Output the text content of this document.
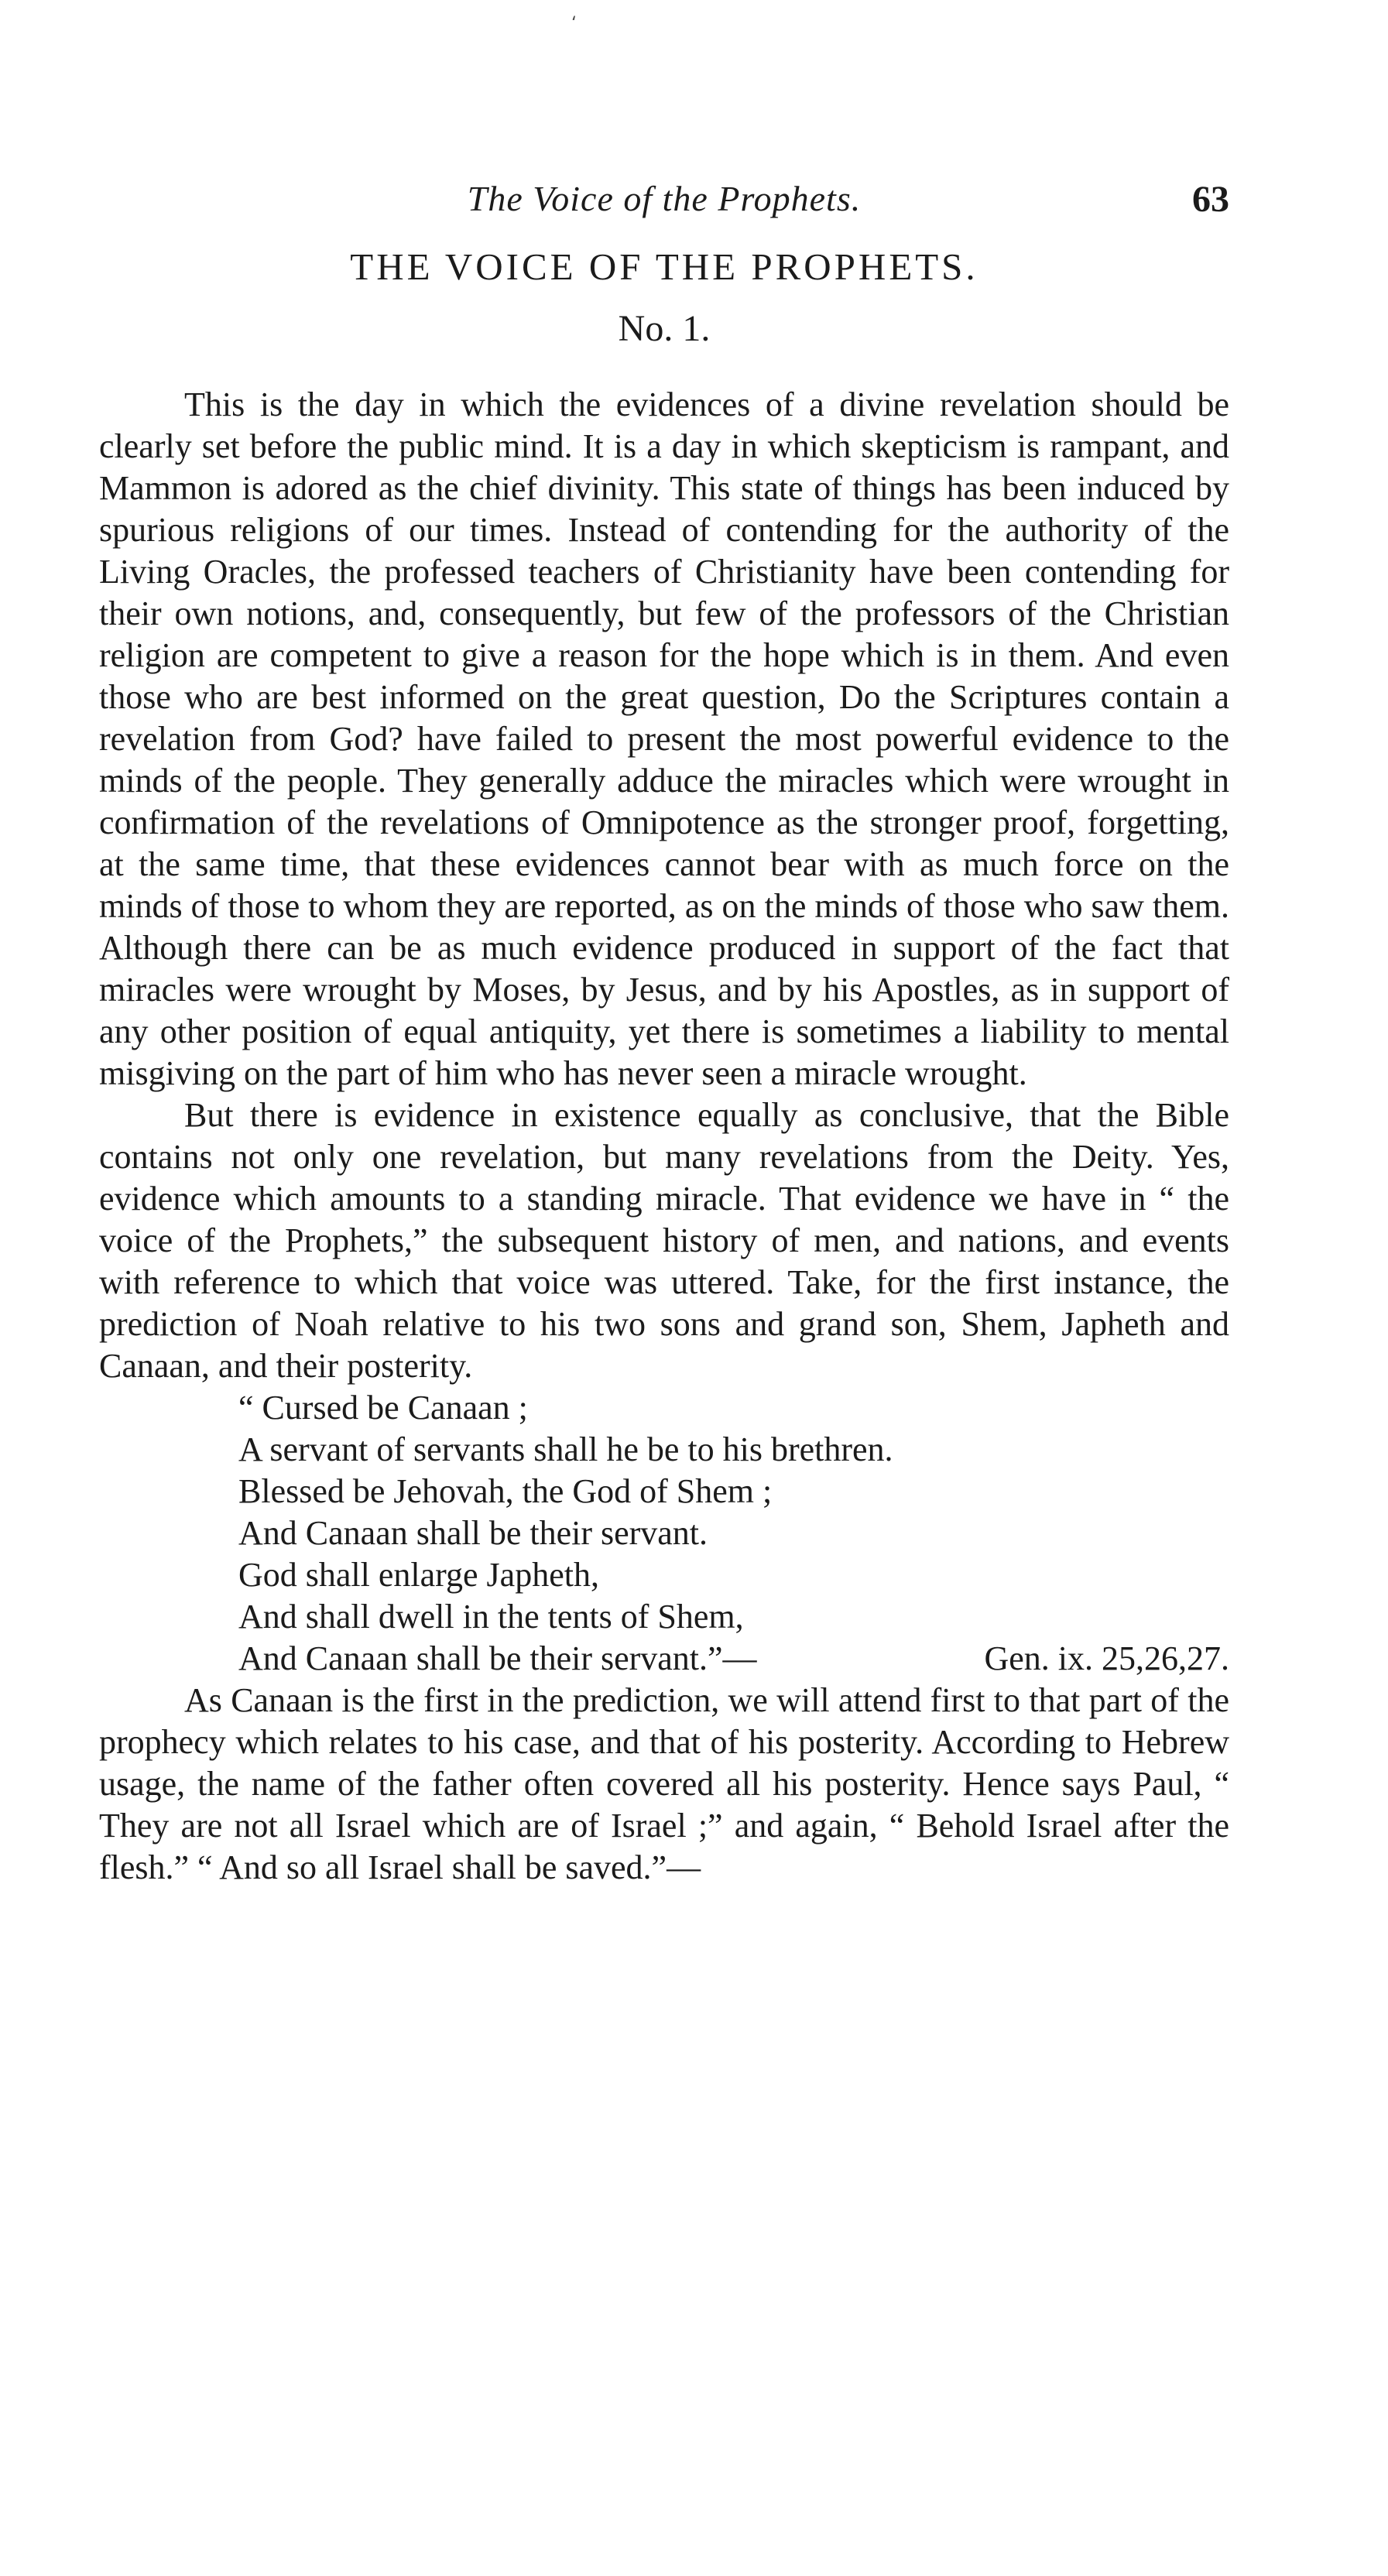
⸲
The Voice of the Prophets.	63
THE VOICE OF THE PROPHETS.
No. 1.

This is the day in which the evidences of a divine revelation should be clearly set before the public mind. It is a day in which skepticism is rampant, and Mammon is adored as the chief divinity. This state of things has been induced by spurious religions of our times. Instead of contending for the authority of the Living Oracles, the professed teachers of Christianity have been contending for their own notions, and, consequently, but few of the professors of the Christian religion are competent to give a reason for the hope which is in them. And even those who are best informed on the great question, Do the Scriptures contain a revelation from God? have failed to present the most powerful evidence to the minds of the people. They generally adduce the miracles which were wrought in confirmation of the revelations of Omnipotence as the stronger proof, forgetting, at the same time, that these evidences cannot bear with as much force on the minds of those to whom they are reported, as on the minds of those who saw them. Although there can be as much evidence produced in support of the fact that miracles were wrought by Moses, by Jesus, and by his Apostles, as in support of any other position of equal antiquity, yet there is sometimes a liability to mental misgiving on the part of him who has never seen a miracle wrought.

But there is evidence in existence equally as conclusive, that the Bible contains not only one revelation, but many revelations from the Deity. Yes, evidence which amounts to a standing miracle. That evidence we have in “ the voice of the Prophets,” the subsequent history of men, and nations, and events with reference to which that voice was uttered. Take, for the first instance, the prediction of Noah relative to his two sons and grand son, Shem, Japheth and Canaan, and their posterity.

“ Cursed be Canaan ;
A servant of servants shall he be to his brethren.
Blessed be Jehovah, the God of Shem ;
And Canaan shall be their servant.
God shall enlarge Japheth,
And shall dwell in the tents of Shem,
And Canaan shall be their servant.”—	Gen. ix. 25,26,27.

As Canaan is the first in the prediction, we will attend first to that part of the prophecy which relates to his case, and that of his posterity. According to Hebrew usage, the name of the father often covered all his posterity. Hence says Paul, “ They are not all Israel which are of Israel ;” and again, “ Behold Israel after the flesh.” “ And so all Israel shall be saved.”—
